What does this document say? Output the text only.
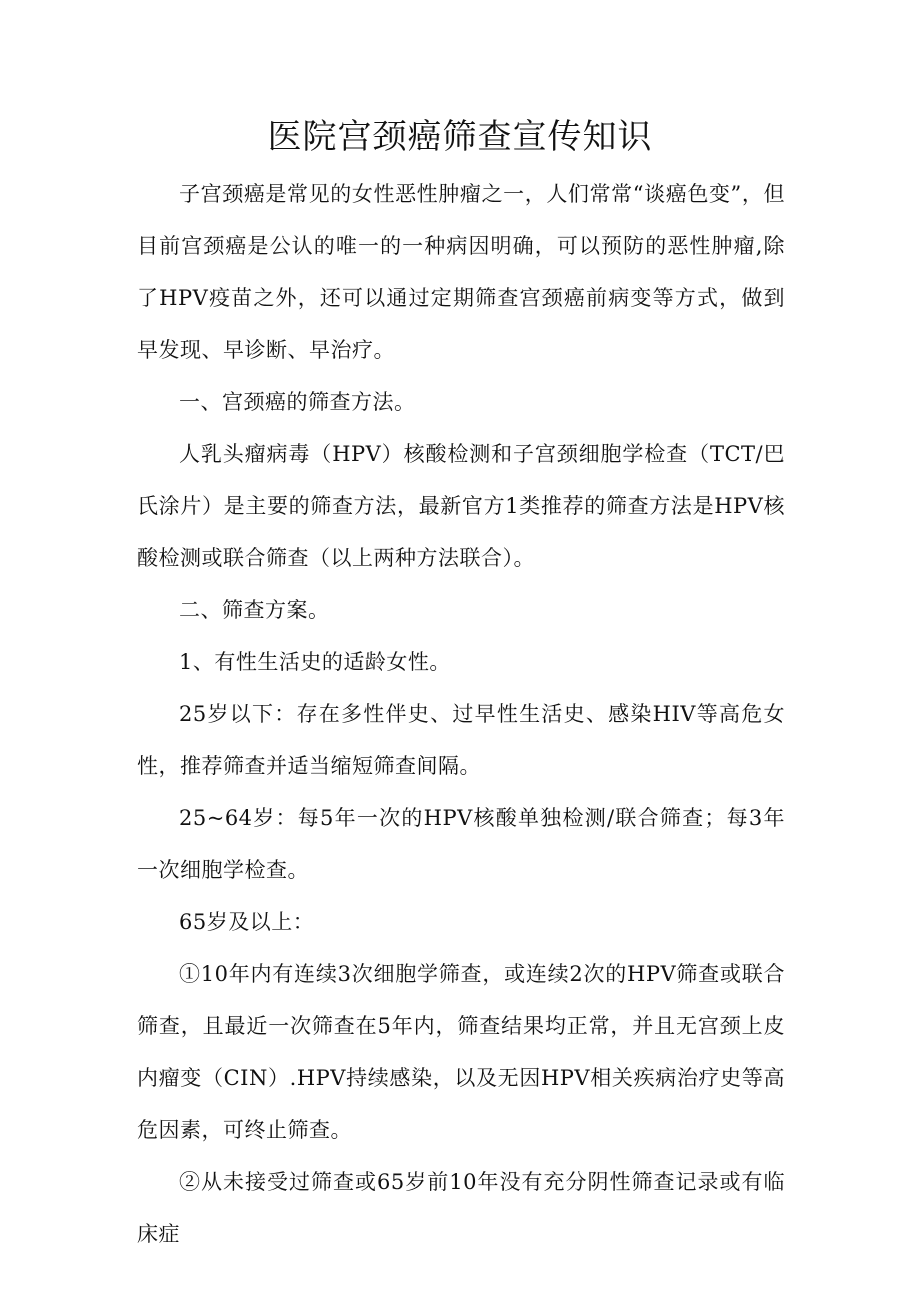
医院宫颈癌筛查宣传知识

子宫颈癌是常见的女性恶性肿瘤之一，人们常常“谈癌色变”，但目前宫颈癌是公认的唯一的一种病因明确，可以预防的恶性肿瘤,除了HPV疫苗之外，还可以通过定期筛查宫颈癌前病变等方式，做到早发现、早诊断、早治疗。

一、宫颈癌的筛查方法。

人乳头瘤病毒（HPV）核酸检测和子宫颈细胞学检查（TCT/巴氏涂片）是主要的筛查方法，最新官方1类推荐的筛查方法是HPV核酸检测或联合筛查（以上两种方法联合）。

二、筛查方案。

1、有性生活史的适龄女性。

25岁以下：存在多性伴史、过早性生活史、感染HIV等高危女性，推荐筛查并适当缩短筛查间隔。

25~64岁：每5年一次的HPV核酸单独检测/联合筛查；每3年一次细胞学检查。

65岁及以上：

①10年内有连续3次细胞学筛查，或连续2次的HPV筛查或联合筛查，且最近一次筛查在5年内，筛查结果均正常，并且无宫颈上皮内瘤变（CIN）.HPV持续感染，以及无因HPV相关疾病治疗史等高危因素，可终止筛查。

②从未接受过筛查或65岁前10年没有充分阴性筛查记录或有临床症
